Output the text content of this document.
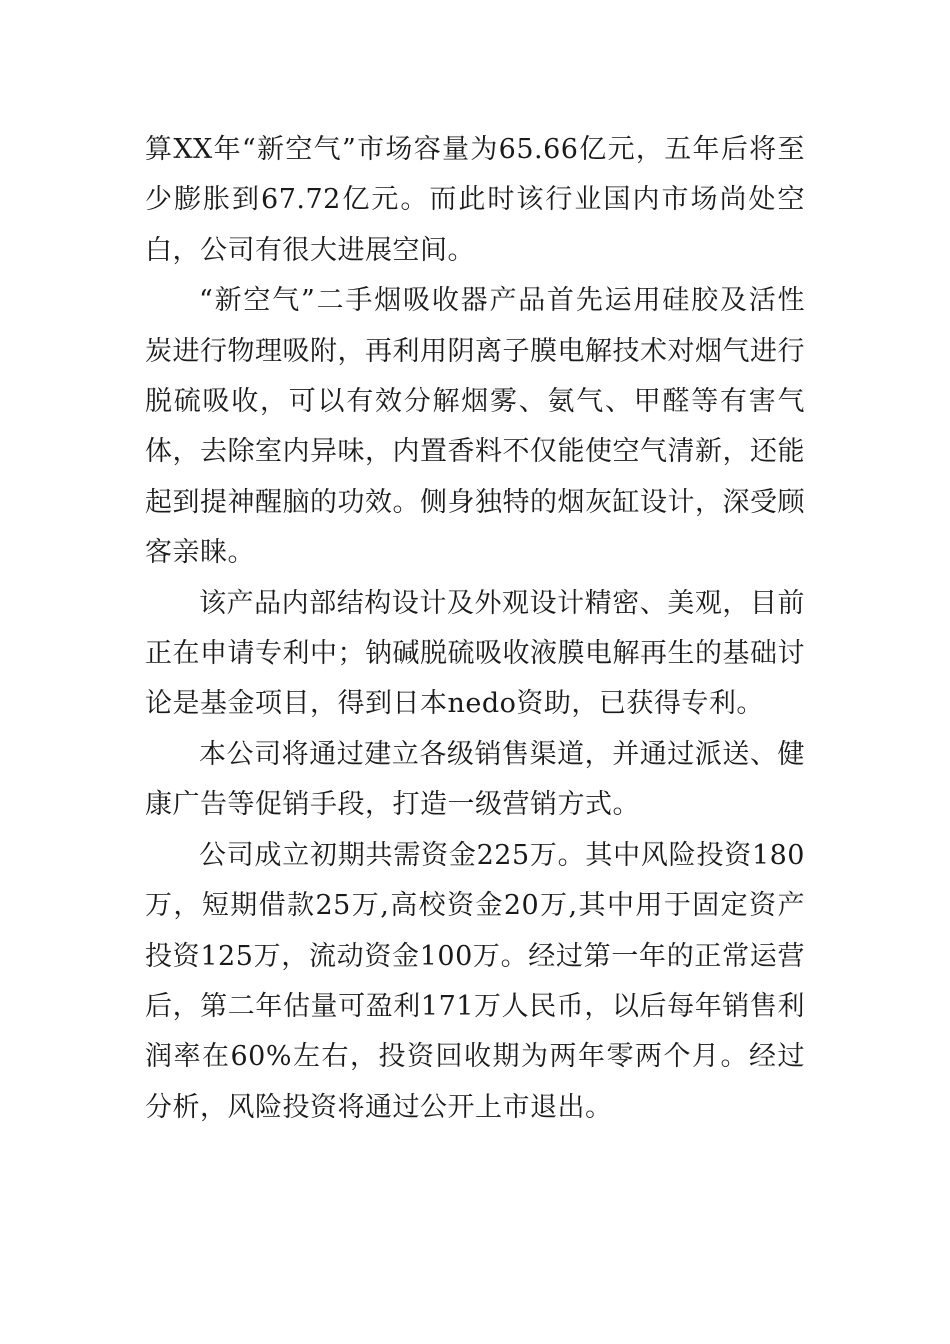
算XX年“新空气”市场容量为65.66亿元，五年后将至少膨胀到67.72亿元。而此时该行业国内市场尚处空白，公司有很大进展空间。

“新空气”二手烟吸收器产品首先运用硅胶及活性炭进行物理吸附，再利用阴离子膜电解技术对烟气进行脱硫吸收，可以有效分解烟雾、氨气、甲醛等有害气体，去除室内异味，内置香料不仅能使空气清新，还能起到提神醒脑的功效。侧身独特的烟灰缸设计，深受顾客亲睐。

该产品内部结构设计及外观设计精密、美观，目前正在申请专利中；钠碱脱硫吸收液膜电解再生的基础讨论是基金项目，得到日本nedo资助，已获得专利。

本公司将通过建立各级销售渠道，并通过派送、健康广告等促销手段，打造一级营销方式。

公司成立初期共需资金225万。其中风险投资180万，短期借款25万,高校资金20万,其中用于固定资产投资125万，流动资金100万。经过第一年的正常运营后，第二年估量可盈利171万人民币，以后每年销售利润率在60%左右，投资回收期为两年零两个月。经过分析，风险投资将通过公开上市退出。
